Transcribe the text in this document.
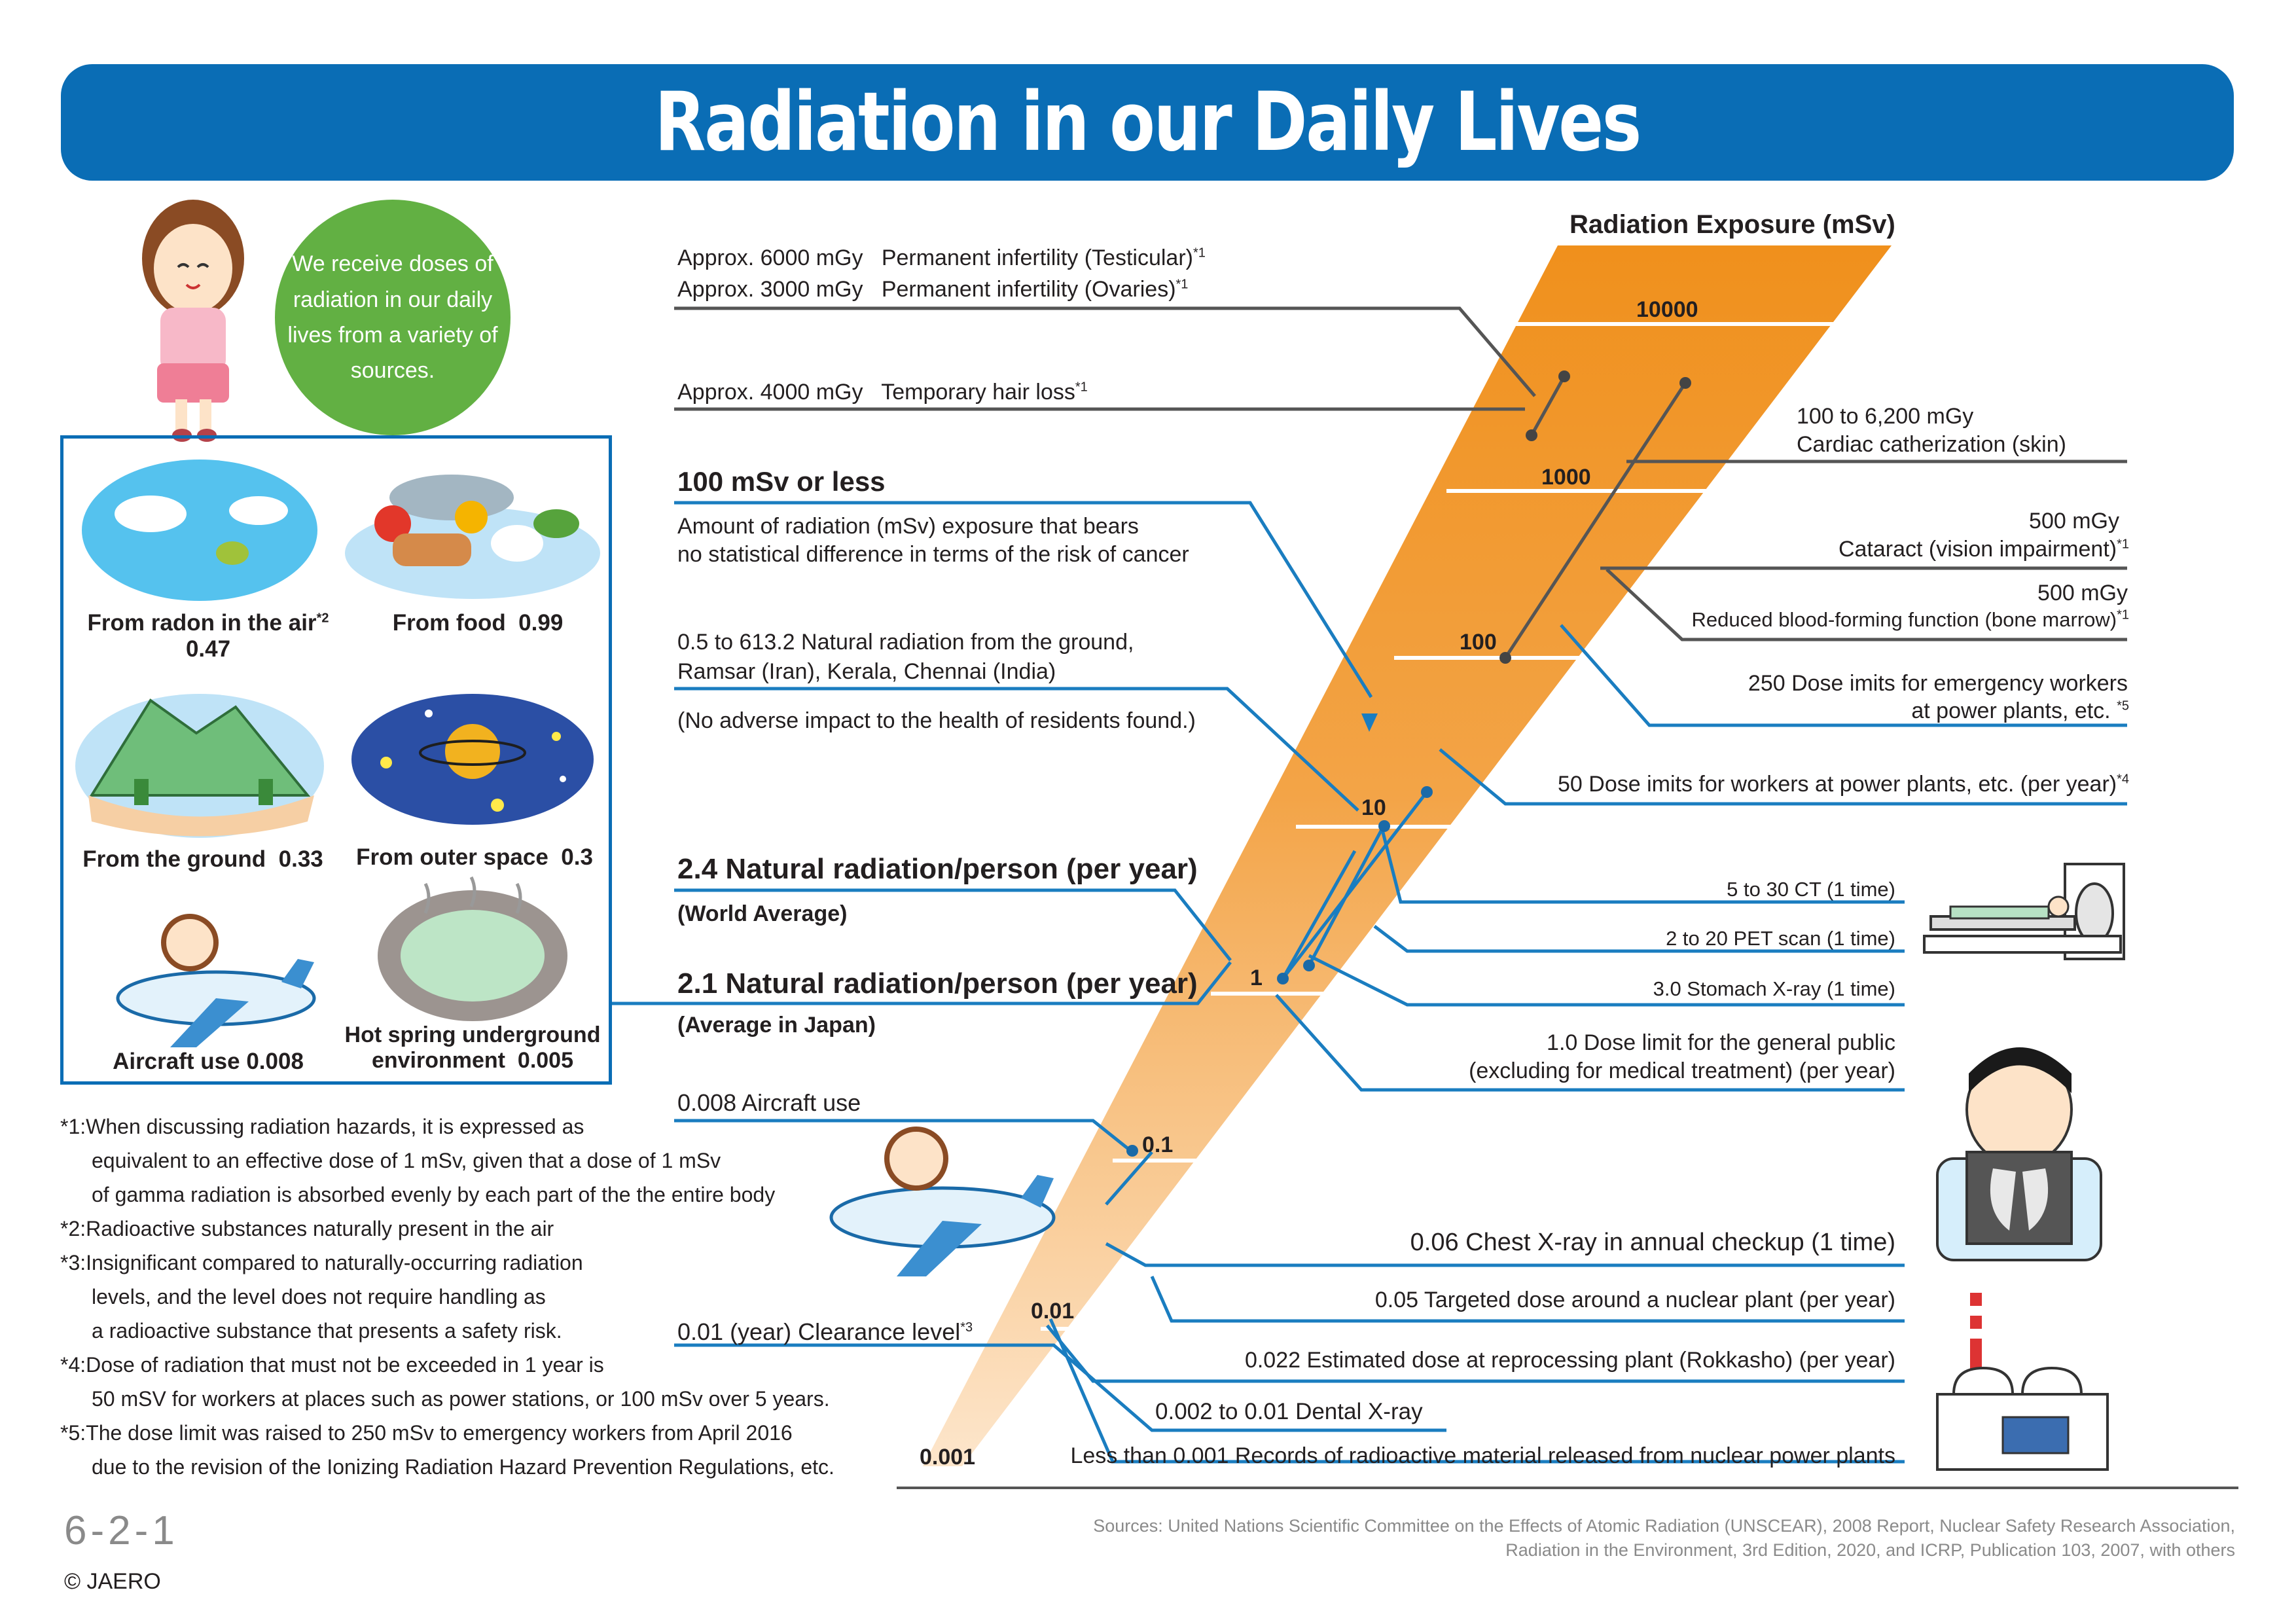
Radiation in our Daily Lives
We receive doses of radiation in our daily lives from a variety of sources.
From radon in the air$^{*2}$
0.47
From food 0.99
From the ground 0.33	From outer space 0.3
Aircraft use 0.008
Hot spring underground environment 0.005
Radiation Exposure (mSv)
10000
1000
100
10
1
0.1
0.01
0.001
Approx. 6000 mGy Permanent infertility (Testicular)$^{*1}$
Approx. 3000 mGy Permanent infertility (Ovaries)$^{*1}$
Approx. 4000 mGy Temporary hair loss$^{*1}$
100 mSv or less
Amount of radiation (mSv) exposure that bears
no statistical difference in terms of the risk of cancer
0.5 to 613.2 Natural radiation from the ground,
Ramsar (Iran), Kerala, Chennai (India)
(No adverse impact to the health of residents found.)
2.4 Natural radiation/person (per year)
(World Average)
2.1 Natural radiation/person (per year)
(Average in Japan)
0.008 Aircraft use
0.01 (year) Clearance level$^{*3}$
100 to 6,200 mGy
Cardiac catherization (skin)
500 mGy
Cataract (vision impairment)$^{*1}$
500 mGy
Reduced blood-forming function (bone marrow)$^{*1}$
250 Dose imits for emergency workers
at power plants, etc. $^{*5}$
50 Dose imits for workers at power plants, etc. (per year)$^{*4}$
5 to 30 CT (1 time)
2 to 20 PET scan (1 time)
3.0 Stomach X-ray (1 time)
1.0 Dose limit for the general public
(excluding for medical treatment) (per year)
0.06 Chest X-ray in annual checkup (1 time)
0.05 Targeted dose around a nuclear plant (per year)
0.022 Estimated dose at reprocessing plant (Rokkasho) (per year)
0.002 to 0.01 Dental X-ray
Less than 0.001 Records of radioactive material released from nuclear power plants
*1:When discussing radiation hazards, it is expressed as
equivalent to an effective dose of 1 mSv, given that a dose of 1 mSv
of gamma radiation is absorbed evenly by each part of the the entire body
*2:Radioactive substances naturally present in the air
*3:Insignificant compared to naturally-occurring radiation
levels, and the level does not require handling as
a radioactive substance that presents a safety risk.
*4:Dose of radiation that must not be exceeded in 1 year is
50 mSV for workers at places such as power stations, or 100 mSv over 5 years.
*5:The dose limit was raised to 250 mSv to emergency workers from April 2016
due to the revision of the Ionizing Radiation Hazard Prevention Regulations, etc.
6-2-1
© JAERO
Sources: United Nations Scientific Committee on the Effects of Atomic Radiation (UNSCEAR), 2008 Report, Nuclear Safety Research Association,
Radiation in the Environment, 3rd Edition, 2020, and ICRP, Publication 103, 2007, with others
